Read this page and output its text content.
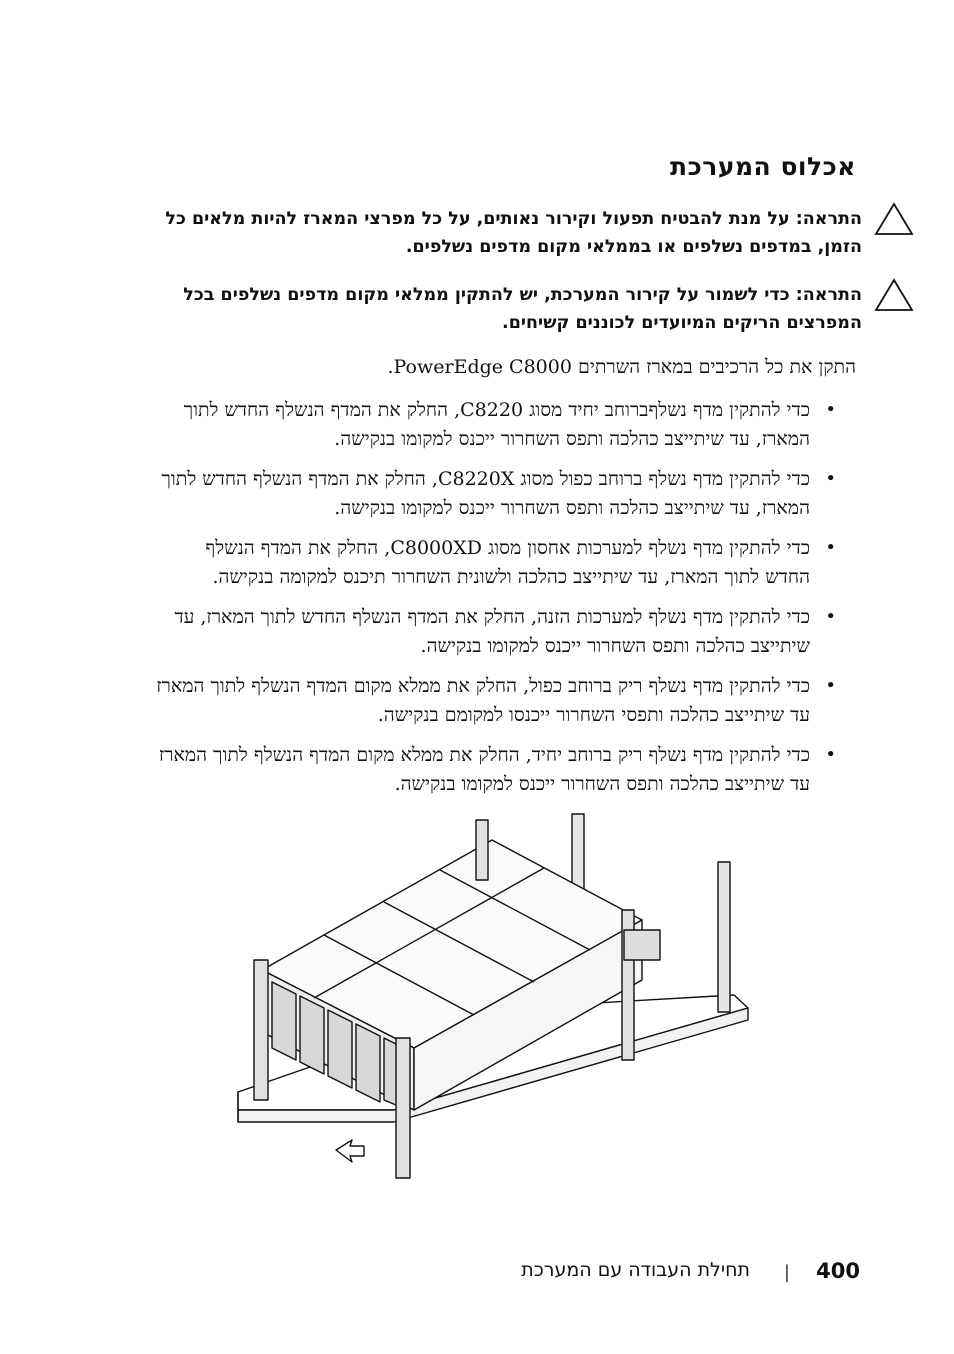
אכלוס המערכת
התראה: על מנת להבטיח תפעול וקירור נאותים, על כל מפרצי המארז להיות מלאים כל הזמן, במדפים נשלפים או בממלאי מקום מדפים נשלפים.
התראה: כדי לשמור על קירור המערכת, יש להתקין ממלאי מקום מדפים נשלפים בכל המפרצים הריקים המיועדים לכוננים קשיחים.
התקן את כל הרכיבים במארז השרתים PowerEdge C8000.
•
כדי להתקין מדף נשלףברוחב יחיד מסוג C8220, החלק את המדף הנשלף החדש לתוך המארז, עד שיתייצב כהלכה ותפס השחרור ייכנס למקומו בנקישה.
•
כדי להתקין מדף נשלף ברוחב כפול מסוג C8220X, החלק את המדף הנשלף החדש לתוך המארז, עד שיתייצב כהלכה ותפס השחרור ייכנס למקומו בנקישה.
•
כדי להתקין מדף נשלף למערכות אחסון מסוג C8000XD, החלק את המדף הנשלף החדש לתוך המארז, עד שיתייצב כהלכה ולשונית השחרור תיכנס למקומה בנקישה.
•
כדי להתקין מדף נשלף למערכות הזנה, החלק את המדף הנשלף החדש לתוך המארז, עד שיתייצב כהלכה ותפס השחרור ייכנס למקומו בנקישה.
•
כדי להתקין מדף נשלף ריק ברוחב כפול, החלק את ממלא מקום המדף הנשלף לתוך המארז עד שיתייצב כהלכה ותפסי השחרור ייכנסו למקומם בנקישה.
•
כדי להתקין מדף נשלף ריק ברוחב יחיד, החלק את ממלא מקום המדף הנשלף לתוך המארז עד שיתייצב כהלכה ותפס השחרור ייכנס למקומו בנקישה.
400
|
תחילת העבודה עם המערכת
